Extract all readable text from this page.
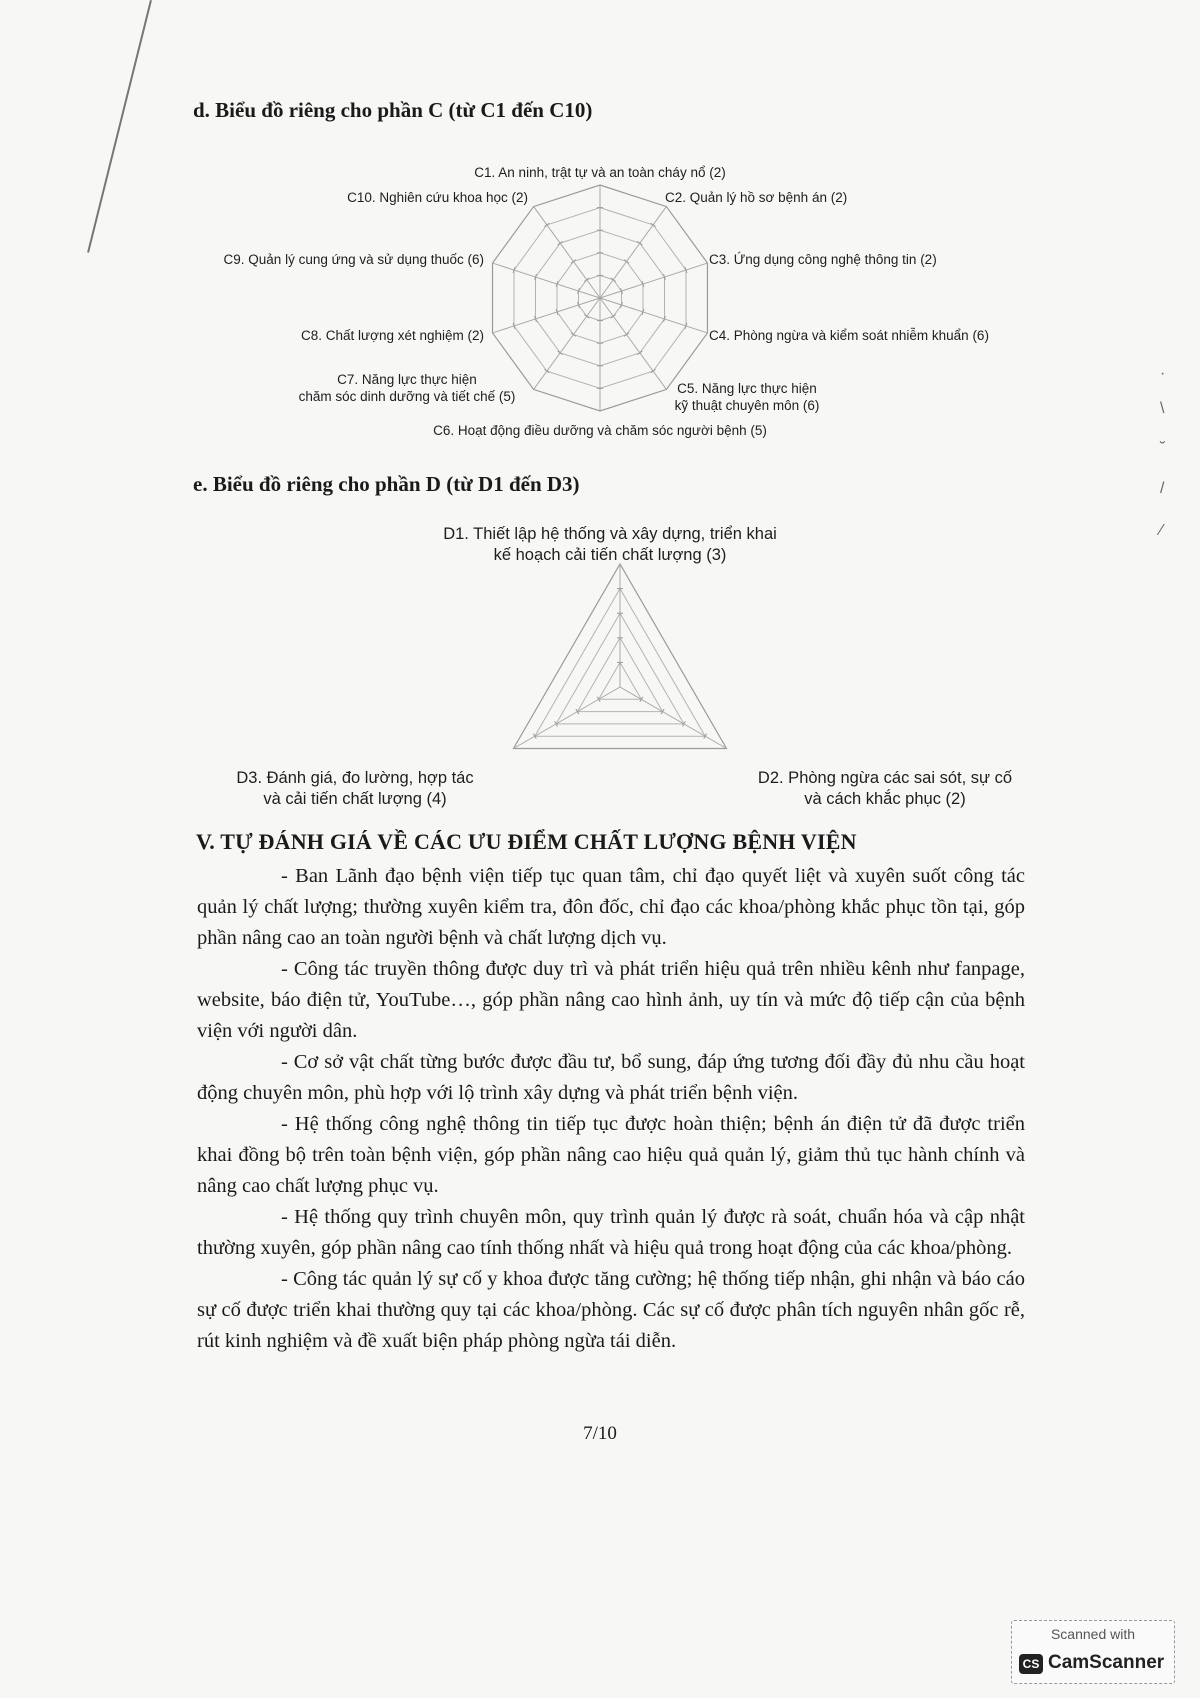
d. Biểu đồ riêng cho phần C (từ C1 đến C10)
C1. An ninh, trật tự và an toàn cháy nổ (2)
C2. Quản lý hồ sơ bệnh án (2)
C3. Ứng dụng công nghệ thông tin (2)
C4. Phòng ngừa và kiểm soát nhiễm khuẩn (6)
C5. Năng lực thực hiện
kỹ thuật chuyên môn (6)
C6. Hoạt động điều dưỡng và chăm sóc người bệnh (5)
C7. Năng lực thực hiện
chăm sóc dinh dưỡng và tiết chế (5)
C8. Chất lượng xét nghiệm (2)
C9. Quản lý cung ứng và sử dụng thuốc (6)
C10. Nghiên cứu khoa học (2)
e. Biểu đồ riêng cho phần D (từ D1 đến D3)
D1. Thiết lập hệ thống và xây dựng, triển khai
kế hoạch cải tiến chất lượng (3)
D2. Phòng ngừa các sai sót, sự cố
và cách khắc phục (2)
D3. Đánh giá, đo lường, hợp tác
và cải tiến chất lượng (4)
V. TỰ ĐÁNH GIÁ VỀ CÁC ƯU ĐIỂM CHẤT LƯỢNG BỆNH VIỆN

- Ban Lãnh đạo bệnh viện tiếp tục quan tâm, chỉ đạo quyết liệt và xuyên suốt công tác quản lý chất lượng; thường xuyên kiểm tra, đôn đốc, chỉ đạo các khoa/phòng khắc phục tồn tại, góp phần nâng cao an toàn người bệnh và chất lượng dịch vụ.

- Công tác truyền thông được duy trì và phát triển hiệu quả trên nhiều kênh như fanpage, website, báo điện tử, YouTube…, góp phần nâng cao hình ảnh, uy tín và mức độ tiếp cận của bệnh viện với người dân.

- Cơ sở vật chất từng bước được đầu tư, bổ sung, đáp ứng tương đối đầy đủ nhu cầu hoạt động chuyên môn, phù hợp với lộ trình xây dựng và phát triển bệnh viện.

- Hệ thống công nghệ thông tin tiếp tục được hoàn thiện; bệnh án điện tử đã được triển khai đồng bộ trên toàn bệnh viện, góp phần nâng cao hiệu quả quản lý, giảm thủ tục hành chính và nâng cao chất lượng phục vụ.

- Hệ thống quy trình chuyên môn, quy trình quản lý được rà soát, chuẩn hóa và cập nhật thường xuyên, góp phần nâng cao tính thống nhất và hiệu quả trong hoạt động của các khoa/phòng.

- Công tác quản lý sự cố y khoa được tăng cường; hệ thống tiếp nhận, ghi nhận và báo cáo sự cố được triển khai thường quy tại các khoa/phòng. Các sự cố được phân tích nguyên nhân gốc rễ, rút kinh nghiệm và đề xuất biện pháp phòng ngừa tái diễn.

7/10
·
\
˘
/
⁄
Scanned with
CS CamScanner
